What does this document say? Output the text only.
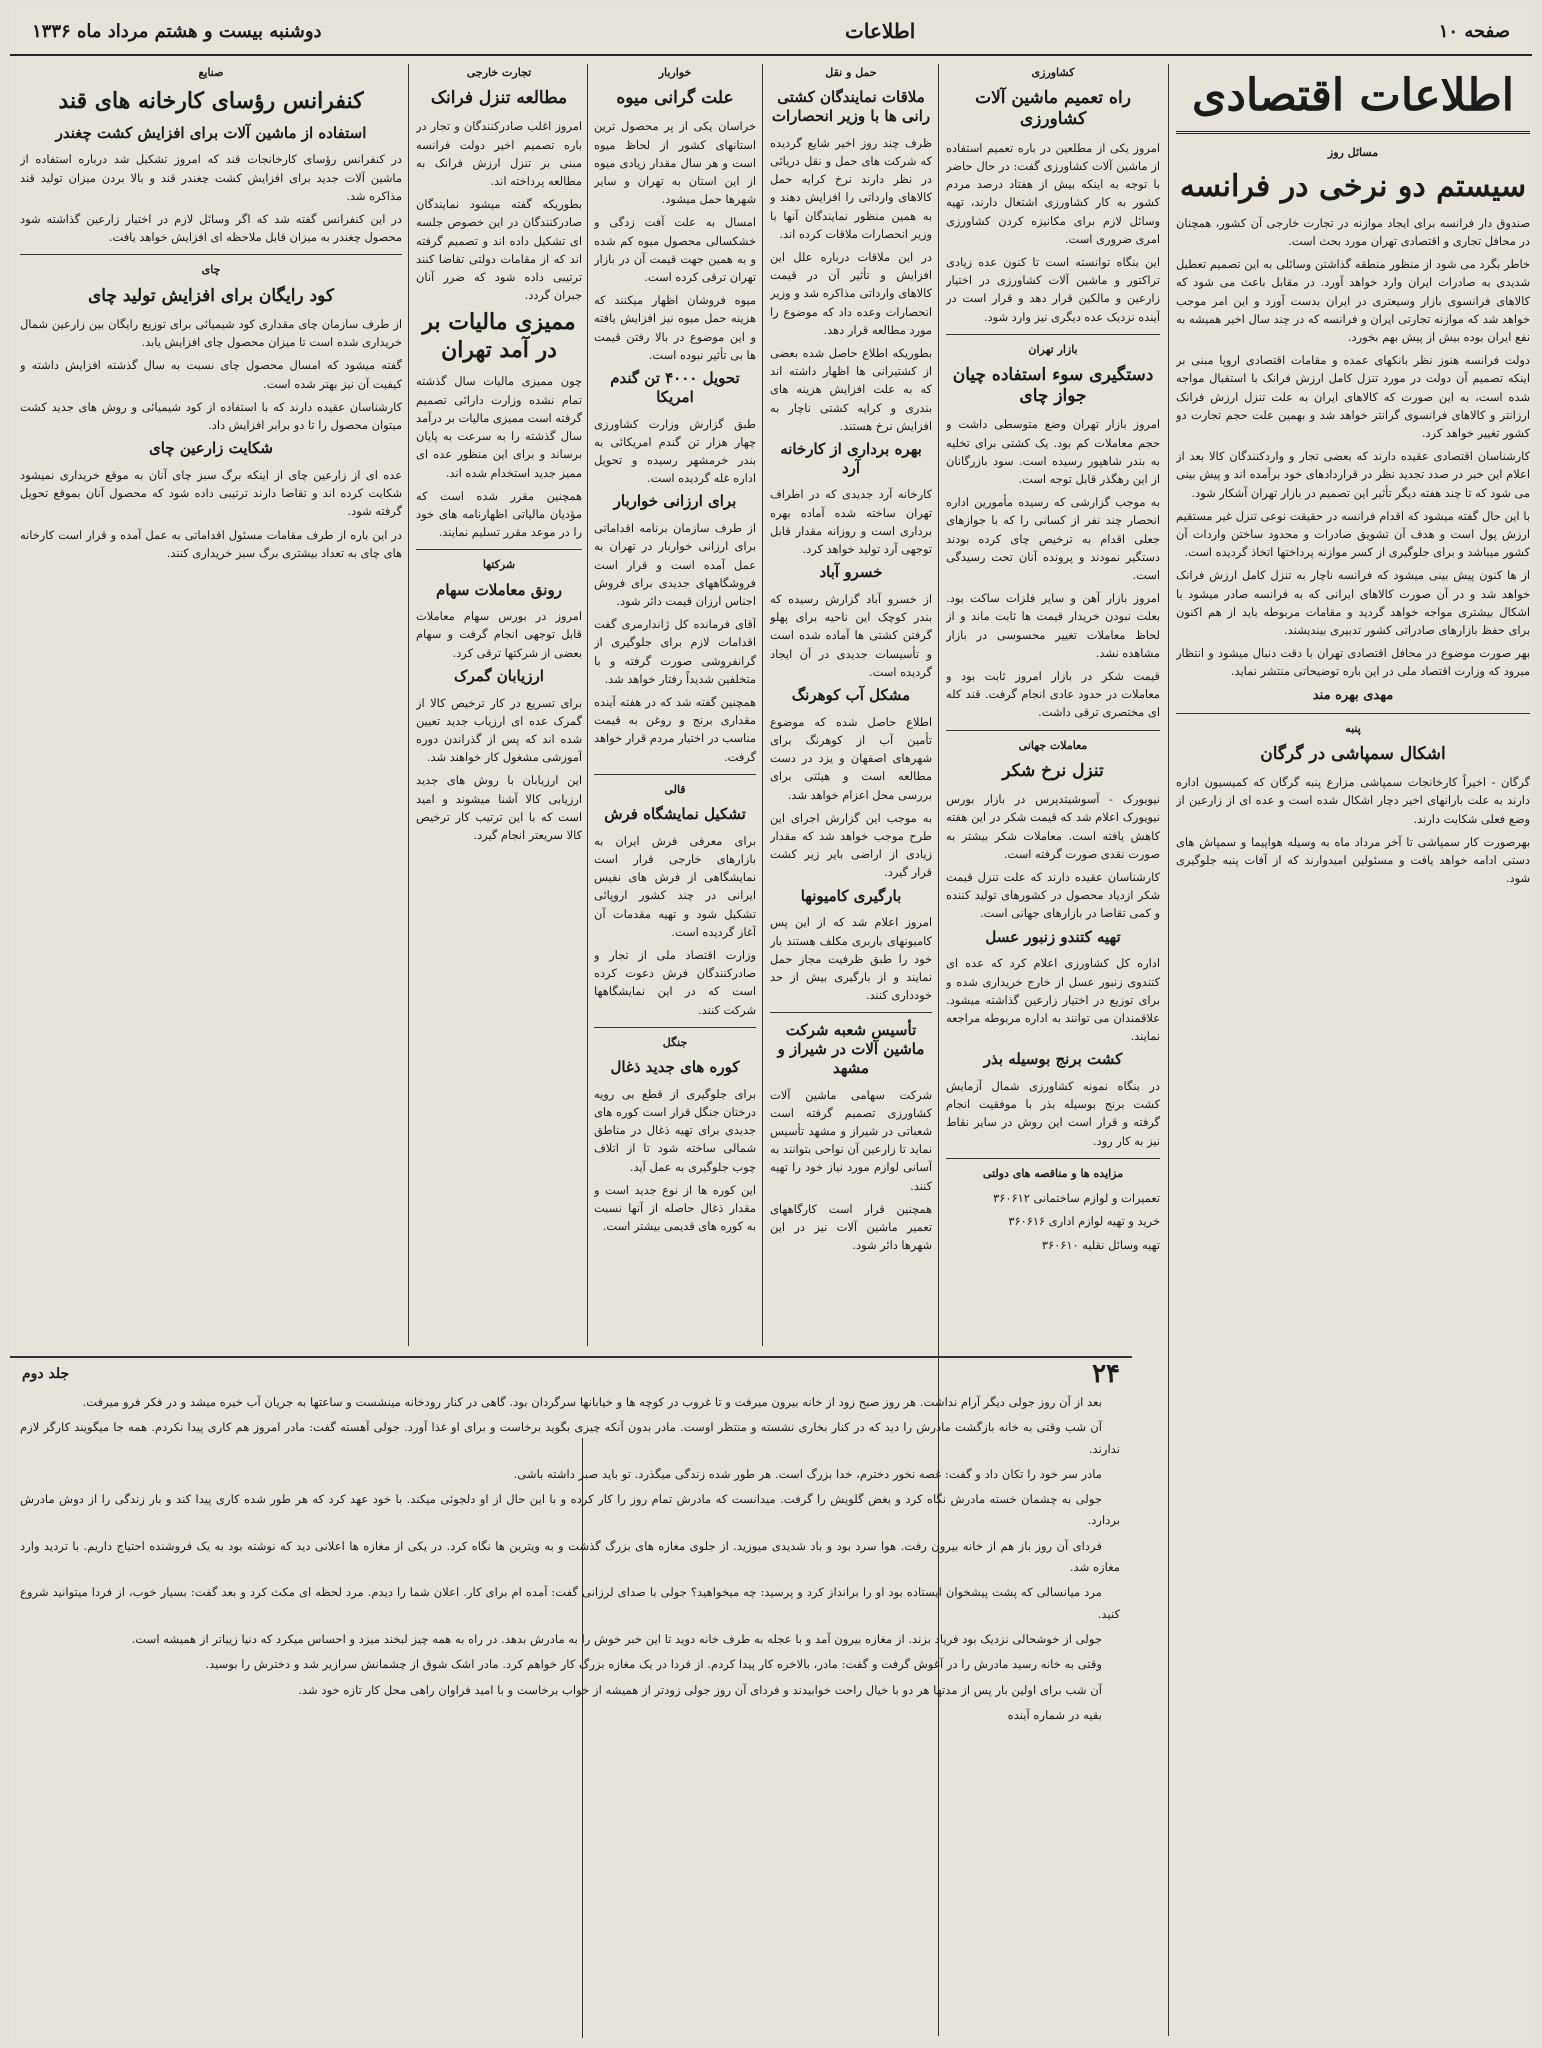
صفحه ۱۰
اطلاعات
دوشنبه بیست و هشتم مرداد ماه ۱۳۳۶
اطلاعات اقتصادی
مسائل روز
سیستم دو نرخی در فرانسه

صندوق دار فرانسه برای ایجاد موازنه در تجارت خارجی آن کشور، همچنان در محافل تجاری و اقتصادی تهران مورد بحث است.

خاطر بگرد می شود از منظور منطقه گذاشتن وسائلی به این تصمیم تعطیل شدیدی به صادرات ایران وارد خواهد آورد. در مقابل باعث می شود که کالاهای فرانسوی بازار وسیعتری در ایران بدست آورد و این امر موجب خواهد شد که موازنه تجارتی ایران و فرانسه که در چند سال اخیر همیشه به نفع ایران بوده بیش از پیش بهم بخورد.

دولت فرانسه هنوز نظر بانکهای عمده و مقامات اقتصادی اروپا مبنی بر اینکه تصمیم آن دولت در مورد تنزل کامل ارزش فرانک با استقبال مواجه شده است، به این صورت که کالاهای ایران به علت تنزل ارزش فرانک ارزانتر و کالاهای فرانسوی گرانتر خواهد شد و بهمین علت حجم تجارت دو کشور تغییر خواهد کرد.

کارشناسان اقتصادی عقیده دارند که بعضی تجار و واردکنندگان کالا بعد از اعلام این خبر در صدد تجدید نظر در قراردادهای خود برآمده اند و پیش بینی می شود که تا چند هفته دیگر تأثیر این تصمیم در بازار تهران آشکار شود.

با این حال گفته میشود که اقدام فرانسه در حقیقت نوعی تنزل غیر مستقیم ارزش پول است و هدف آن تشویق صادرات و محدود ساختن واردات آن کشور میباشد و برای جلوگیری از کسر موازنه پرداختها اتخاذ گردیده است.

از ها کنون پیش بینی میشود که فرانسه ناچار به تنزل کامل ارزش فرانک خواهد شد و در آن صورت کالاهای ایرانی که به فرانسه صادر میشود با اشکال بیشتری مواجه خواهد گردید و مقامات مربوطه باید از هم اکنون برای حفظ بازارهای صادراتی کشور تدبیری بیندیشند.

بهر صورت موضوع در محافل اقتصادی تهران با دقت دنبال میشود و انتظار میرود که وزارت اقتصاد ملی در این باره توضیحاتی منتشر نماید.

مهدی بهره مند
پنبه
اشکال سمپاشی در گرگان

گرگان - اخیراً کارخانجات سمپاشی مزارع پنبه گرگان که کمیسیون اداره دارند به علت بارانهای اخیر دچار اشکال شده است و عده ای از زارعین از وضع فعلی شکایت دارند.

بهرصورت کار سمپاشی تا آخر مرداد ماه به وسیله هواپیما و سمپاش های دستی ادامه خواهد یافت و مسئولین امیدوارند که از آفات پنبه جلوگیری شود.

کشاورزی
راه تعمیم ماشین آلات کشاورزی

امروز یکی از مطلعین در باره تعمیم استفاده از ماشین آلات کشاورزی گفت: در حال حاضر با توجه به اینکه بیش از هفتاد درصد مردم کشور به کار کشاورزی اشتغال دارند، تهیه وسائل لازم برای مکانیزه کردن کشاورزی امری ضروری است.

این بنگاه توانسته است تا کنون عده زیادی تراکتور و ماشین آلات کشاورزی در اختیار زارعین و مالکین قرار دهد و قرار است در آینده نزدیک عده دیگری نیز وارد شود.

بازار تهران
دستگیری سوء استفاده چیان جواز چای

امروز بازار تهران وضع متوسطی داشت و حجم معاملات کم بود. یک کشتی برای تخلیه به بندر شاهپور رسیده است. سود بازرگانان از این رهگذر قابل توجه است.

به موجب گزارشی که رسیده مأمورین اداره انحصار چند نفر از کسانی را که با جوازهای جعلی اقدام به ترخیص چای کرده بودند دستگیر نمودند و پرونده آنان تحت رسیدگی است.

امروز بازار آهن و سایر فلزات ساکت بود. بعلت نبودن خریدار قیمت ها ثابت ماند و از لحاظ معاملات تغییر محسوسی در بازار مشاهده نشد.

قیمت شکر در بازار امروز ثابت بود و معاملات در حدود عادی انجام گرفت. قند کله ای مختصری ترقی داشت.

معاملات جهانی
تنزل نرخ شکر

نیویورک - آسوشیتدپرس در بازار بورس نیویورک اعلام شد که قیمت شکر در این هفته کاهش یافته است. معاملات شکر بیشتر به صورت نقدی صورت گرفته است.

کارشناسان عقیده دارند که علت تنزل قیمت شکر ازدیاد محصول در کشورهای تولید کننده و کمی تقاضا در بازارهای جهانی است.

تهیه کتندو زنبور عسل

اداره کل کشاورزی اعلام کرد که عده ای کتندوی زنبور عسل از خارج خریداری شده و برای توزیع در اختیار زارعین گذاشته میشود. علاقمندان می توانند به اداره مربوطه مراجعه نمایند.

کشت برنج بوسیله بذر

در بنگاه نمونه کشاورزی شمال آزمایش کشت برنج بوسیله بذر با موفقیت انجام گرفته و قرار است این روش در سایر نقاط نیز به کار رود.

مزایده ها و مناقصه های دولتی

تعمیرات و لوازم ساختمانی ۳۶۰۶۱۲

خرید و تهیه لوازم اداری ۳۶۰۶۱۶

تهیه وسائل نقلیه ۳۶۰۶۱۰

حمل و نقل
ملاقات نمایندگان کشتی رانی ها با وزیر انحصارات

ظرف چند روز اخیر شایع گردیده که شرکت های حمل و نقل دریائی در نظر دارند نرخ کرایه حمل کالاهای وارداتی را افزایش دهند و به همین منظور نمایندگان آنها با وزیر انحصارات ملاقات کرده اند.

در این ملاقات درباره علل این افزایش و تأثیر آن در قیمت کالاهای وارداتی مذاکره شد و وزیر انحصارات وعده داد که موضوع را مورد مطالعه قرار دهد.

بطوریکه اطلاع حاصل شده بعضی از کشتیرانی ها اظهار داشته اند که به علت افزایش هزینه های بندری و کرایه کشتی ناچار به افزایش نرخ هستند.

بهره برداری از کارخانه آرد

کارخانه آرد جدیدی که در اطراف تهران ساخته شده آماده بهره برداری است و روزانه مقدار قابل توجهی آرد تولید خواهد کرد.

خسرو آباد

از خسرو آباد گزارش رسیده که بندر کوچک این ناحیه برای پهلو گرفتن کشتی ها آماده شده است و تأسیسات جدیدی در آن ایجاد گردیده است.

مشکل آب کوهرنگ

اطلاع حاصل شده که موضوع تأمین آب از کوهرنگ برای شهرهای اصفهان و یزد در دست مطالعه است و هیئتی برای بررسی محل اعزام خواهد شد.

به موجب این گزارش اجرای این طرح موجب خواهد شد که مقدار زیادی از اراضی بایر زیر کشت قرار گیرد.

بارگیری کامیونها

امروز اعلام شد که از این پس کامیونهای باربری مکلف هستند بار خود را طبق ظرفیت مجاز حمل نمایند و از بارگیری بیش از حد خودداری کنند.

تأسیس شعبه شرکت ماشین آلات در شیراز و مشهد

شرکت سهامی ماشین آلات کشاورزی تصمیم گرفته است شعباتی در شیراز و مشهد تأسیس نماید تا زارعین آن نواحی بتوانند به آسانی لوازم مورد نیاز خود را تهیه کنند.

همچنین قرار است کارگاههای تعمیر ماشین آلات نیز در این شهرها دائر شود.

خواربار
علت گرانی میوه

خراسان یکی از پر محصول ترین استانهای کشور از لحاظ میوه است و هر سال مقدار زیادی میوه از این استان به تهران و سایر شهرها حمل میشود.

امسال به علت آفت زدگی و خشکسالی محصول میوه کم شده و به همین جهت قیمت آن در بازار تهران ترقی کرده است.

میوه فروشان اظهار میکنند که هزینه حمل میوه نیز افزایش یافته و این موضوع در بالا رفتن قیمت ها بی تأثیر نبوده است.

تحویل ۴۰۰۰ تن گندم امریکا

طبق گزارش وزارت کشاورزی چهار هزار تن گندم امریکائی به بندر خرمشهر رسیده و تحویل اداره غله گردیده است.

برای ارزانی خواربار

از طرف سازمان برنامه اقداماتی برای ارزانی خواربار در تهران به عمل آمده است و قرار است فروشگاههای جدیدی برای فروش اجناس ارزان قیمت دائر شود.

آقای فرمانده کل ژاندارمری گفت اقدامات لازم برای جلوگیری از گرانفروشی صورت گرفته و با متخلفین شدیداً رفتار خواهد شد.

همچنین گفته شد که در هفته آینده مقداری برنج و روغن به قیمت مناسب در اختیار مردم قرار خواهد گرفت.

قالی
تشکیل نمایشگاه فرش

برای معرفی فرش ایران به بازارهای خارجی قرار است نمایشگاهی از فرش های نفیس ایرانی در چند کشور اروپائی تشکیل شود و تهیه مقدمات آن آغاز گردیده است.

وزارت اقتصاد ملی از تجار و صادرکنندگان فرش دعوت کرده است که در این نمایشگاهها شرکت کنند.

جنگل
کوره های جدید ذغال

برای جلوگیری از قطع بی رویه درختان جنگل قرار است کوره های جدیدی برای تهیه ذغال در مناطق شمالی ساخته شود تا از اتلاف چوب جلوگیری به عمل آید.

این کوره ها از نوع جدید است و مقدار ذغال حاصله از آنها نسبت به کوره های قدیمی بیشتر است.

تجارت خارجی
مطالعه تنزل فرانک

امروز اغلب صادرکنندگان و تجار در باره تصمیم اخیر دولت فرانسه مبنی بر تنزل ارزش فرانک به مطالعه پرداخته اند.

بطوریکه گفته میشود نمایندگان صادرکنندگان در این خصوص جلسه ای تشکیل داده اند و تصمیم گرفته اند که از مقامات دولتی تقاضا کنند ترتیبی داده شود که ضرر آنان جبران گردد.

ممیزی مالیات بر در آمد تهران

چون ممیزی مالیات سال گذشته تمام نشده وزارت دارائی تصمیم گرفته است ممیزی مالیات بر درآمد سال گذشته را به سرعت به پایان برساند و برای این منظور عده ای ممیز جدید استخدام شده اند.

همچنین مقرر شده است که مؤدیان مالیاتی اظهارنامه های خود را در موعد مقرر تسلیم نمایند.

شرکتها
رونق معاملات سهام

امروز در بورس سهام معاملات قابل توجهی انجام گرفت و سهام بعضی از شرکتها ترقی کرد.

ارزیابان گمرک

برای تسریع در کار ترخیص کالا از گمرک عده ای ارزیاب جدید تعیین شده اند که پس از گذراندن دوره آموزشی مشغول کار خواهند شد.

این ارزیابان با روش های جدید ارزیابی کالا آشنا میشوند و امید است که با این ترتیب کار ترخیص کالا سریعتر انجام گیرد.

صنایع
کنفرانس رؤسای کارخانه های قند
استفاده از ماشین آلات برای افزایش کشت چغندر

در کنفرانس رؤسای کارخانجات قند که امروز تشکیل شد درباره استفاده از ماشین آلات جدید برای افزایش کشت چغندر قند و بالا بردن میزان تولید قند مذاکره شد.

در این کنفرانس گفته شد که اگر وسائل لازم در اختیار زارعین گذاشته شود محصول چغندر به میزان قابل ملاحظه ای افزایش خواهد یافت.

چای
کود رایگان برای افزایش تولید چای

از طرف سازمان چای مقداری کود شیمیائی برای توزیع رایگان بین زارعین شمال خریداری شده است تا میزان محصول چای افزایش یابد.

گفته میشود که امسال محصول چای نسبت به سال گذشته افزایش داشته و کیفیت آن نیز بهتر شده است.

کارشناسان عقیده دارند که با استفاده از کود شیمیائی و روش های جدید کشت میتوان محصول را تا دو برابر افزایش داد.

شکایت زارعین چای

عده ای از زارعین چای از اینکه برگ سبز چای آنان به موقع خریداری نمیشود شکایت کرده اند و تقاضا دارند ترتیبی داده شود که محصول آنان بموقع تحویل گرفته شود.

در این باره از طرف مقامات مسئول اقداماتی به عمل آمده و قرار است کارخانه های چای به تعداد بیشتری برگ سبز خریداری کنند.

۲۴
جلد دوم

بعد از آن روز جولی دیگر آرام نداشت. هر روز صبح زود از خانه بیرون میرفت و تا غروب در کوچه ها و خیابانها سرگردان بود. گاهی در کنار رودخانه مینشست و ساعتها به جریان آب خیره میشد و در فکر فرو میرفت.

آن شب وقتی به خانه بازگشت مادرش را دید که در کنار بخاری نشسته و منتظر اوست. مادر بدون آنکه چیزی بگوید برخاست و برای او غذا آورد. جولی آهسته گفت: مادر امروز هم کاری پیدا نکردم. همه جا میگویند کارگر لازم ندارند.

مادر سر خود را تکان داد و گفت: غصه نخور دخترم، خدا بزرگ است. هر طور شده زندگی میگذرد. تو باید صبر داشته باشی.

جولی به چشمان خسته مادرش نگاه کرد و بغض گلویش را گرفت. میدانست که مادرش تمام روز را کار کرده و با این حال از او دلجوئی میکند. با خود عهد کرد که هر طور شده کاری پیدا کند و بار زندگی را از دوش مادرش بردارد.

فردای آن روز باز هم از خانه بیرون رفت. هوا سرد بود و باد شدیدی میوزید. از جلوی مغازه های بزرگ گذشت و به ویترین ها نگاه کرد. در یکی از مغازه ها اعلانی دید که نوشته بود به یک فروشنده احتیاج داریم. با تردید وارد مغازه شد.

مرد میانسالی که پشت پیشخوان ایستاده بود او را برانداز کرد و پرسید: چه میخواهید؟ جولی با صدای لرزانی گفت: آمده ام برای کار. اعلان شما را دیدم. مرد لحظه ای مکث کرد و بعد گفت: بسیار خوب، از فردا میتوانید شروع کنید.

جولی از خوشحالی نزدیک بود فریاد بزند. از مغازه بیرون آمد و با عجله به طرف خانه دوید تا این خبر خوش را به مادرش بدهد. در راه به همه چیز لبخند میزد و احساس میکرد که دنیا زیباتر از همیشه است.

وقتی به خانه رسید مادرش را در آغوش گرفت و گفت: مادر، بالاخره کار پیدا کردم. از فردا در یک مغازه بزرگ کار خواهم کرد. مادر اشک شوق از چشمانش سرازیر شد و دخترش را بوسید.

آن شب برای اولین بار پس از مدتها هر دو با خیال راحت خوابیدند و فردای آن روز جولی زودتر از همیشه از خواب برخاست و با امید فراوان راهی محل کار تازه خود شد.

بقیه در شماره آینده
